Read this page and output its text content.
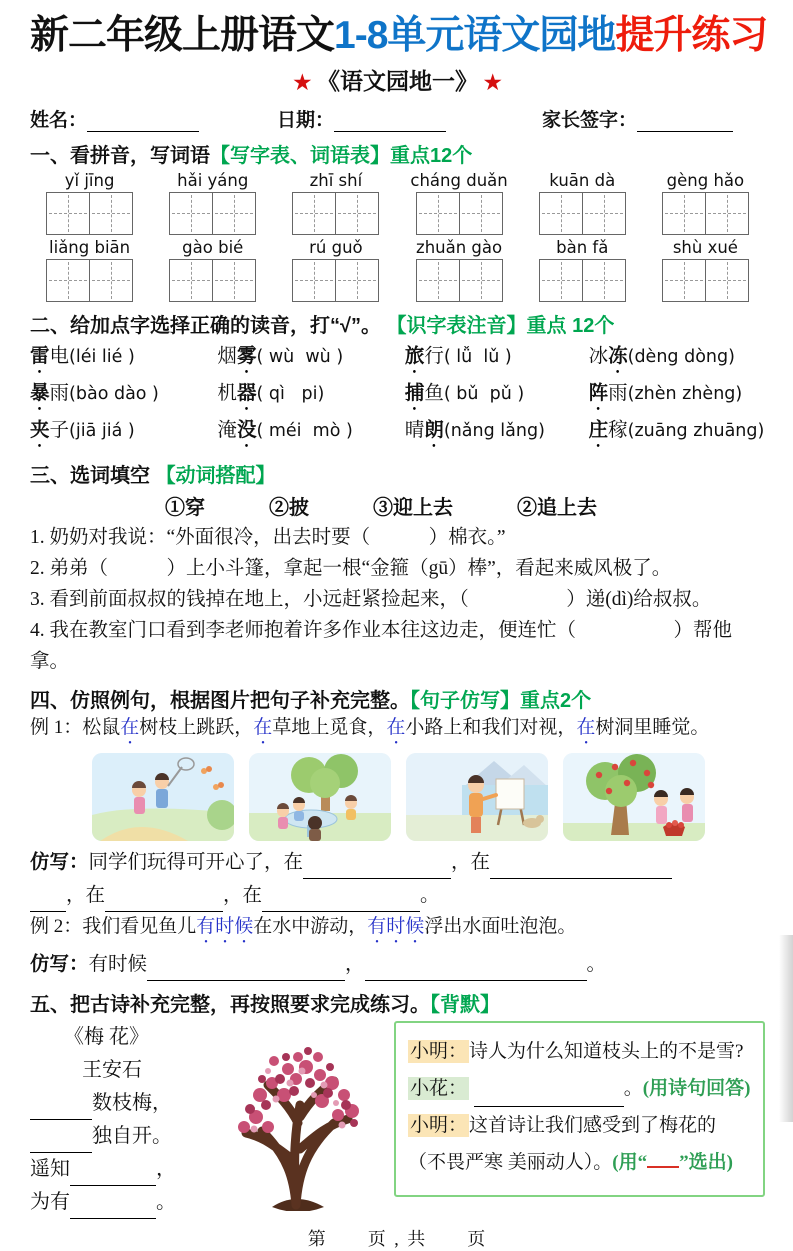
新二年级上册语文1-8单元语文园地提升练习
★ 《语文园地一》 ★
姓名：	日期：	家长签字：
一、看拼音，写词语【写字表、词语表】重点12个
yǐ jīng	hǎi yáng	zhī shí	cháng duǎn	kuān dà	gèng hǎo
liǎng biān	gào bié	rú guǒ	zhuǎn gào	bàn fǎ	shù xué
二、给加点字选择正确的读音，打“√”。 【识字表注音】重点 12个
雷电(léi lié )	烟雾( wù  wù )	旅行( lǚ  lǔ )	冰冻(dèng dòng)
暴雨(bào dào )	机器( qì   pi)	捕鱼( bǔ  pǔ )	阵雨(zhèn zhèng)
夹子(jiā jiá )	淹没( méi  mò )	晴朗(nǎng lǎng)	庄稼(zuāng zhuāng)
三、选词填空 【动词搭配】
①穿	②披	③迎上去	②追上去
1. 奶奶对我说：“外面很冷，出去时要（　　　）棉衣。”
2. 弟弟（　　　）上小斗篷，拿起一根“金箍（gū）棒”，看起来威风极了。
3. 看到前面叔叔的钱掉在地上，小远赶紧捡起来，（　　　　　）递(dì)给叔叔。
4. 我在教室门口看到李老师抱着许多作业本往这边走，便连忙（　　　　　）帮他拿。
四、仿照例句，根据图片把句子补充完整。【句子仿写】重点2个
例 1：松鼠在树枝上跳跃，在草地上觅食，在小路上和我们对视，在树洞里睡觉。
仿写：同学们玩得可开心了，在	，在
，在	，在	。
例 2：我们看见鱼儿有时候在水中游动，有时候浮出水面吐泡泡。
仿写：有时候	，	。
五、把古诗补充完整，再按照要求完成练习。【背默】
《梅 花》
王安石
数枝梅，
独自开。
遥知	，
为有	。
小明： 诗人为什么知道枝头上的不是雪?
小花：	。(用诗句回答)
小明： 这首诗让我们感受到了梅花的
（不畏严寒 美丽动人）。(用“ ”选出)
第　　页 , 共　　页
